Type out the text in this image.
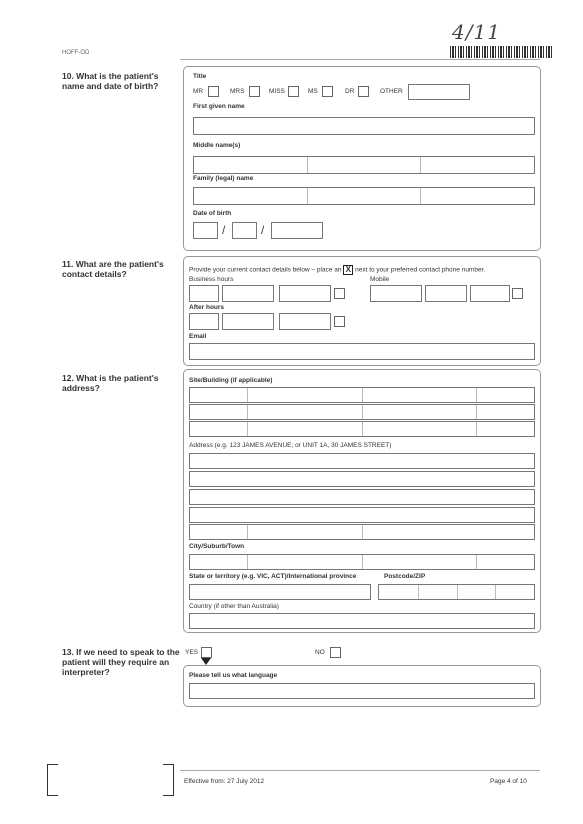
4/11
HOFF-OD
10. What is the patient's name and date of birth?
Title
MR	MRS	MISS	MS	DR	OTHER
First given name
Middle name(s)
Family (legal) name
Date of birth
/	/
11. What are the patient's contact details?	Provide your current contact details below – place an X next to your preferred contact phone number.
Business hours	Mobile
After hours
Email
12. What is the patient's address?
Site/Building (if applicable)
Address (e.g. 123 JAMES AVENUE; or UNIT 1A, 30 JAMES STREET)
City/Suburb/Town
State or territory (e.g. VIC, ACT)/International province	Postcode/ZIP
Country (if other than Australia)
13. If we need to speak to the patient will they require an interpreter?
YES	NO
Please tell us what language
Effective from: 27 July 2012	Page 4 of 10
